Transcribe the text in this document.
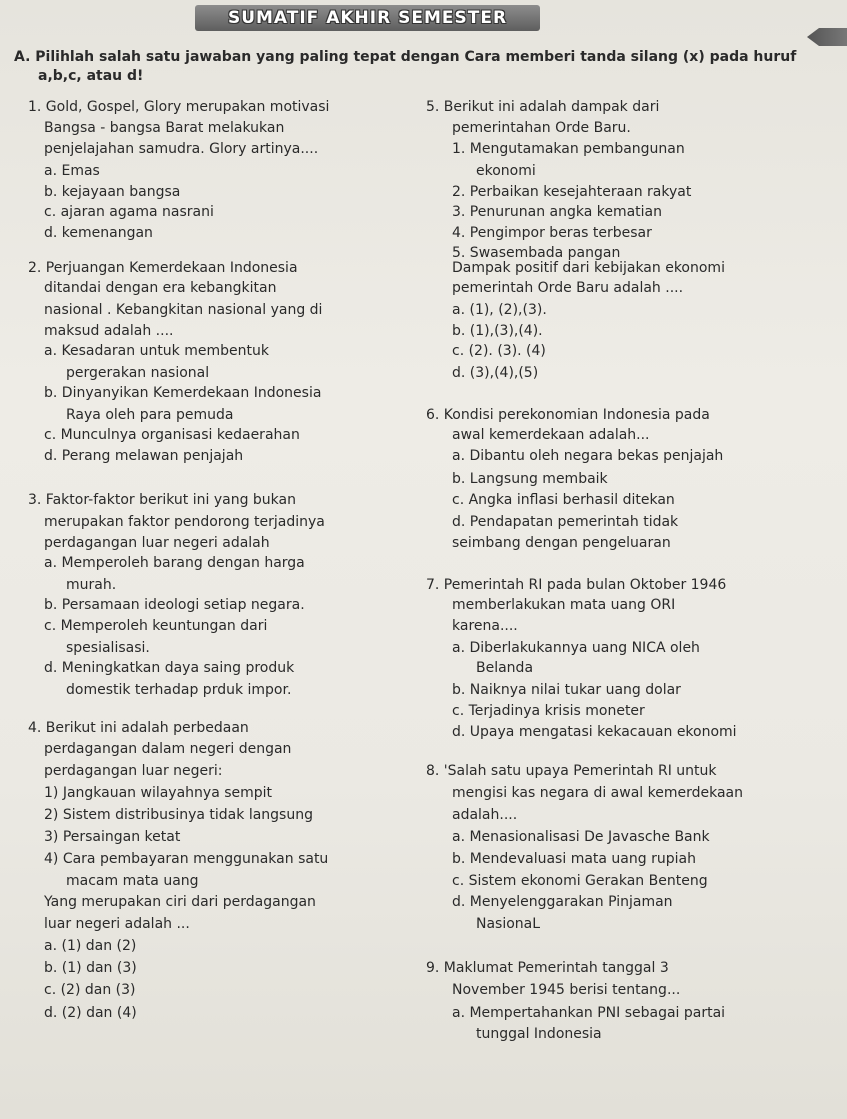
SUMATIF AKHIR SEMESTER
A. Pilihlah salah satu jawaban yang paling tepat dengan Cara memberi tanda silang (x) pada huruf
a,b,c, atau d!
1. Gold, Gospel, Glory merupakan motivasi
Bangsa - bangsa Barat melakukan
penjelajahan samudra. Glory artinya....
a. Emas
b. kejayaan bangsa
c. ajaran agama nasrani
d. kemenangan
2. Perjuangan Kemerdekaan Indonesia
ditandai dengan era kebangkitan
nasional . Kebangkitan nasional yang di
maksud adalah ....
a. Kesadaran untuk membentuk
pergerakan nasional
b. Dinyanyikan Kemerdekaan Indonesia
Raya oleh para pemuda
c. Munculnya organisasi kedaerahan
d. Perang melawan penjajah
3. Faktor-faktor berikut ini yang bukan
merupakan faktor pendorong terjadinya
perdagangan luar negeri adalah
a. Memperoleh barang dengan harga
murah.
b. Persamaan ideologi setiap negara.
c. Memperoleh keuntungan dari
spesialisasi.
d. Meningkatkan daya saing produk
domestik terhadap prduk impor.
4. Berikut ini adalah perbedaan
perdagangan dalam negeri dengan
perdagangan luar negeri:
1) Jangkauan wilayahnya sempit
2) Sistem distribusinya tidak langsung
3) Persaingan ketat
4) Cara pembayaran menggunakan satu
macam mata uang
Yang merupakan ciri dari perdagangan
luar negeri adalah ...
a. (1) dan (2)
b. (1) dan (3)
c. (2) dan (3)
d. (2) dan (4)
5. Berikut ini adalah dampak dari
pemerintahan Orde Baru.
1. Mengutamakan pembangunan
ekonomi
2. Perbaikan kesejahteraan rakyat
3. Penurunan angka kematian
4. Pengimpor beras terbesar
5. Swasembada pangan
Dampak positif dari kebijakan ekonomi
pemerintah Orde Baru adalah ....
a. (1), (2),(3).
b. (1),(3),(4).
c. (2). (3). (4)
d. (3),(4),(5)
6. Kondisi perekonomian Indonesia pada
awal kemerdekaan adalah...
a. Dibantu oleh negara bekas penjajah
b. Langsung membaik
c. Angka inflasi berhasil ditekan
d. Pendapatan pemerintah tidak
seimbang dengan pengeluaran
7. Pemerintah RI pada bulan Oktober 1946
memberlakukan mata uang ORI
karena....
a. Diberlakukannya uang NICA oleh
Belanda
b. Naiknya nilai tukar uang dolar
c. Terjadinya krisis moneter
d. Upaya mengatasi kekacauan ekonomi
8. 'Salah satu upaya Pemerintah RI untuk
mengisi kas negara di awal kemerdekaan
adalah....
a. Menasionalisasi De Javasche Bank
b. Mendevaluasi mata uang rupiah
c. Sistem ekonomi Gerakan Benteng
d. Menyelenggarakan Pinjaman
NasionaL
9. Maklumat Pemerintah tanggal 3
November 1945 berisi tentang...
a. Mempertahankan PNI sebagai partai
tunggal Indonesia
